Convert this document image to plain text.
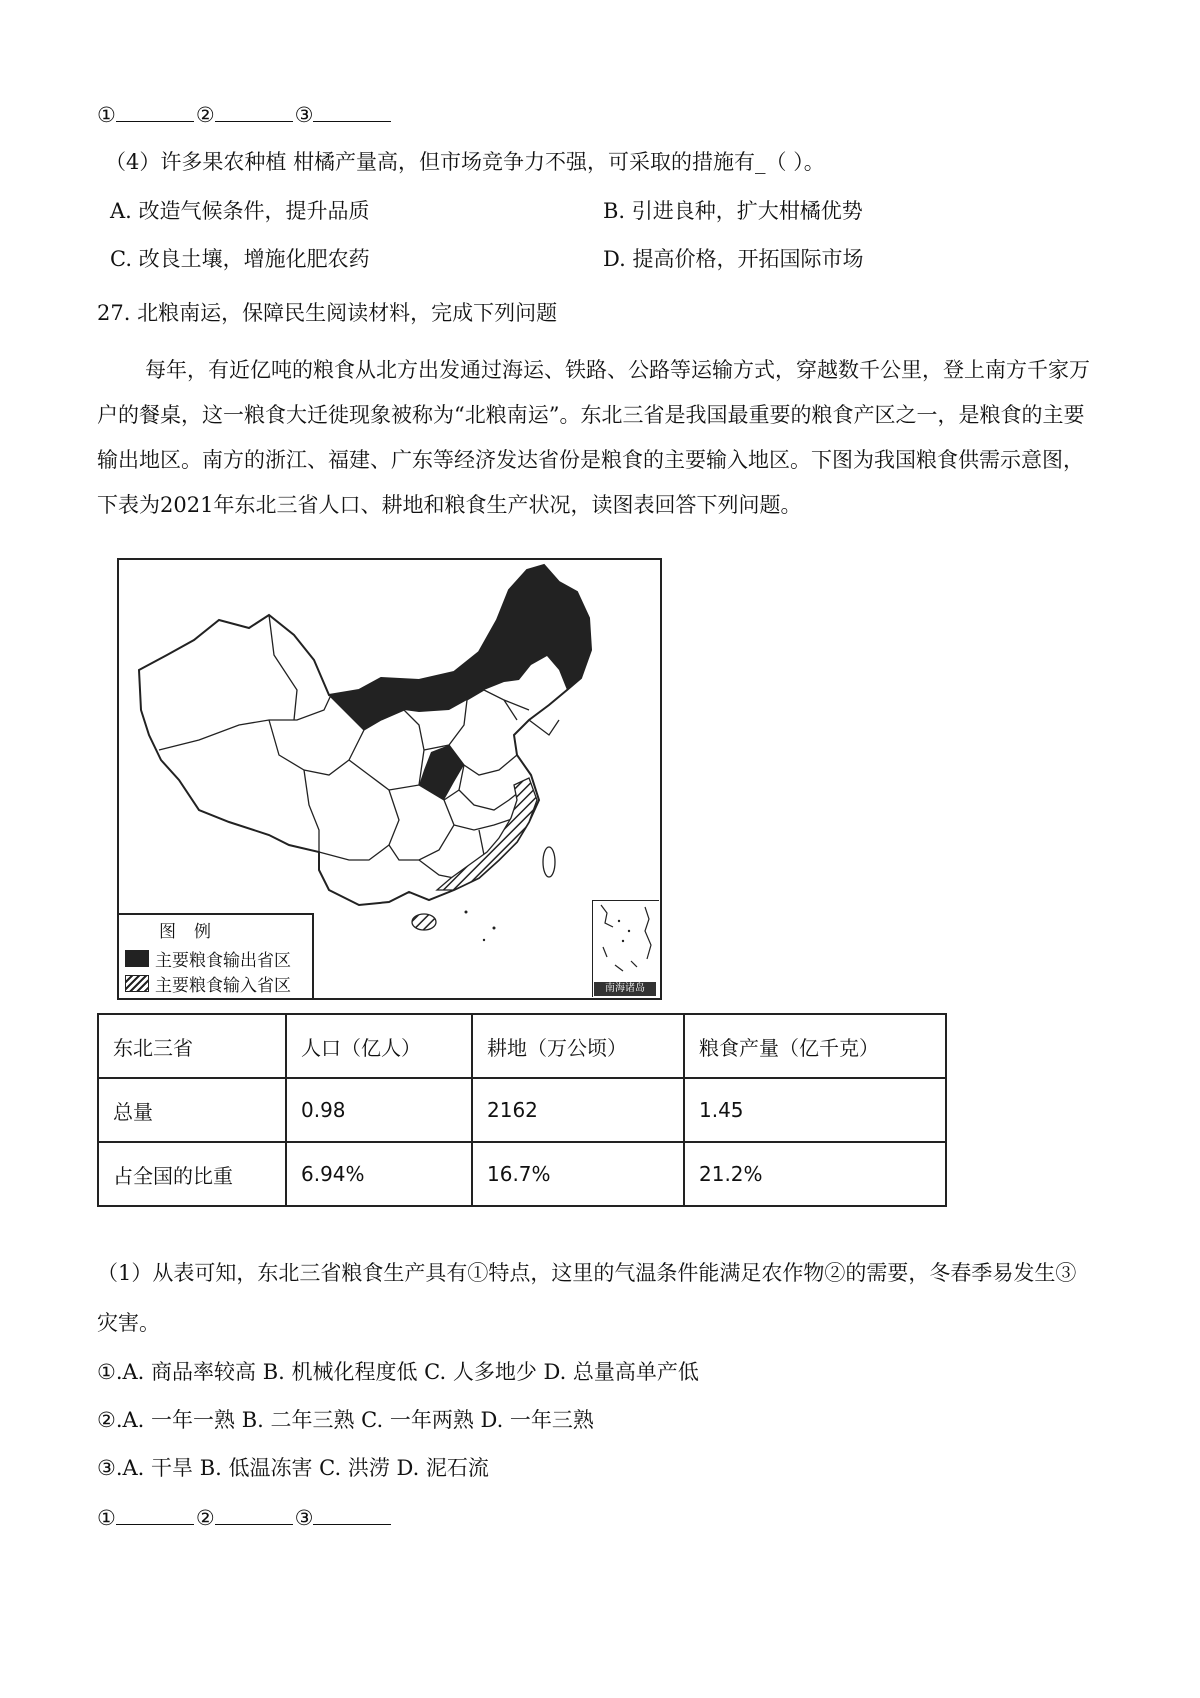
①	②	③
（4）许多果农种植 柑橘产量高，但市场竞争力不强，可采取的措施有_（ ）。
A. 改造气候条件，提升品质	B. 引进良种，扩大柑橘优势
C. 改良土壤，增施化肥农药	D. 提高价格，开拓国际市场
27. 北粮南运，保障民生阅读材料，完成下列问题
每年，有近亿吨的粮食从北方出发通过海运、铁路、公路等运输方式，穿越数千公里，登上南方千家万户的餐桌，这一粮食大迁徙现象被称为“北粮南运”。东北三省是我国最重要的粮食产区之一，是粮食的主要输出地区。南方的浙江、福建、广东等经济发达省份是粮食的主要输入地区。下图为我国粮食供需示意图，下表为2021年东北三省人口、耕地和粮食生产状况，读图表回答下列问题。
图例
主要粮食输出省区
主要粮食输入省区	南海诸岛
东北三省	人口（亿人）	耕地（万公顷）	粮食产量（亿千克）
总量	0.98	2162	1.45
占全国的比重	6.94%	16.7%	21.2%
（1）从表可知，东北三省粮食生产具有①特点，这里的气温条件能满足农作物②的需要，冬春季易发生③
灾害。
①.A. 商品率较高 B. 机械化程度低 C. 人多地少 D. 总量高单产低
②.A. 一年一熟 B. 二年三熟 C. 一年两熟 D. 一年三熟
③.A. 干旱 B. 低温冻害 C. 洪涝 D. 泥石流
①	②	③
